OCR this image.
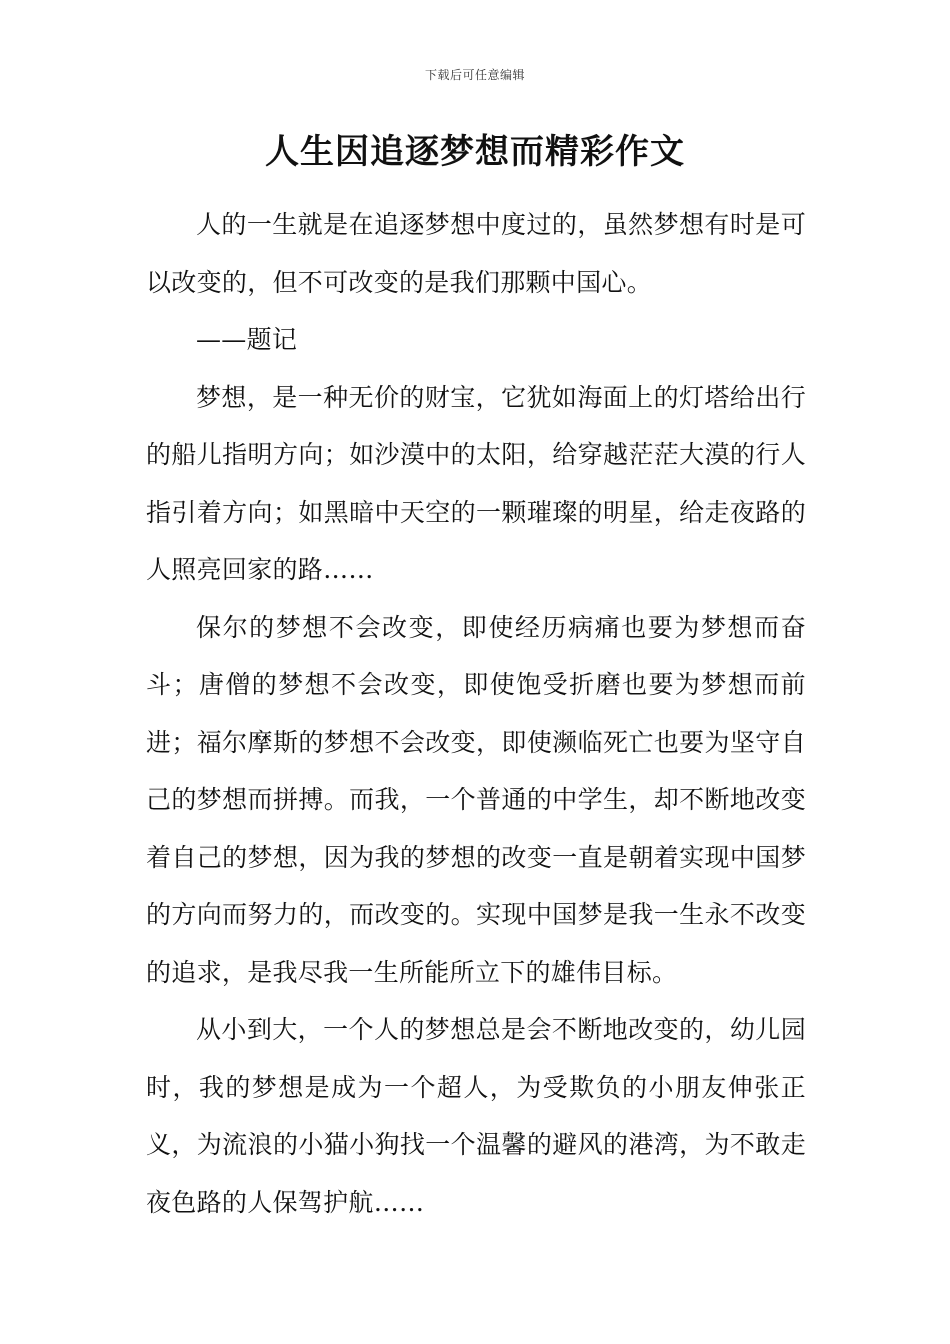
下载后可任意编辑
人生因追逐梦想而精彩作文

人的一生就是在追逐梦想中度过的，虽然梦想有时是可以改变的，但不可改变的是我们那颗中国心。

——题记

梦想，是一种无价的财宝，它犹如海面上的灯塔给出行的船儿指明方向；如沙漠中的太阳，给穿越茫茫大漠的行人指引着方向；如黑暗中天空的一颗璀璨的明星，给走夜路的人照亮回家的路……

保尔的梦想不会改变，即使经历病痛也要为梦想而奋斗；唐僧的梦想不会改变，即使饱受折磨也要为梦想而前进；福尔摩斯的梦想不会改变，即使濒临死亡也要为坚守自己的梦想而拼搏。而我，一个普通的中学生，却不断地改变着自己的梦想，因为我的梦想的改变一直是朝着实现中国梦的方向而努力的，而改变的。实现中国梦是我一生永不改变的追求，是我尽我一生所能所立下的雄伟目标。

从小到大，一个人的梦想总是会不断地改变的，幼儿园时，我的梦想是成为一个超人，为受欺负的小朋友伸张正义，为流浪的小猫小狗找一个温馨的避风的港湾，为不敢走夜色路的人保驾护航……
